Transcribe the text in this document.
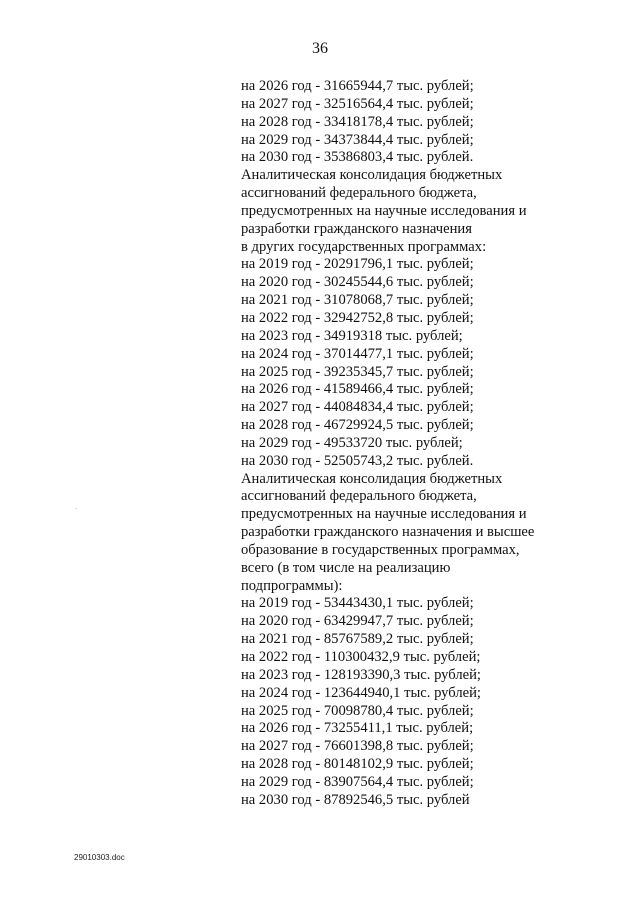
36
на 2026 год - 31665944,7 тыс. рублей;
на 2027 год - 32516564,4 тыс. рублей;
на 2028 год - 33418178,4 тыс. рублей;
на 2029 год - 34373844,4 тыс. рублей;
на 2030 год - 35386803,4 тыс. рублей.
Аналитическая консолидация бюджетных
ассигнований федерального бюджета,
предусмотренных на научные исследования и
разработки гражданского назначения
в других государственных программах:
на 2019 год - 20291796,1 тыс. рублей;
на 2020 год - 30245544,6 тыс. рублей;
на 2021 год - 31078068,7 тыс. рублей;
на 2022 год - 32942752,8 тыс. рублей;
на 2023 год - 34919318 тыс. рублей;
на 2024 год - 37014477,1 тыс. рублей;
на 2025 год - 39235345,7 тыс. рублей;
на 2026 год - 41589466,4 тыс. рублей;
на 2027 год - 44084834,4 тыс. рублей;
на 2028 год - 46729924,5 тыс. рублей;
на 2029 год - 49533720 тыс. рублей;
на 2030 год - 52505743,2 тыс. рублей.
Аналитическая консолидация бюджетных
ассигнований федерального бюджета,
предусмотренных на научные исследования и
разработки гражданского назначения и высшее
образование в государственных программах,
всего (в том числе на реализацию
подпрограммы):
на 2019 год - 53443430,1 тыс. рублей;
на 2020 год - 63429947,7 тыс. рублей;
на 2021 год - 85767589,2 тыс. рублей;
на 2022 год - 110300432,9 тыс. рублей;
на 2023 год - 128193390,3 тыс. рублей;
на 2024 год - 123644940,1 тыс. рублей;
на 2025 год - 70098780,4 тыс. рублей;
на 2026 год - 73255411,1 тыс. рублей;
на 2027 год - 76601398,8 тыс. рублей;
на 2028 год - 80148102,9 тыс. рублей;
на 2029 год - 83907564,4 тыс. рублей;
на 2030 год - 87892546,5 тыс. рублей
·
29010303.doc
